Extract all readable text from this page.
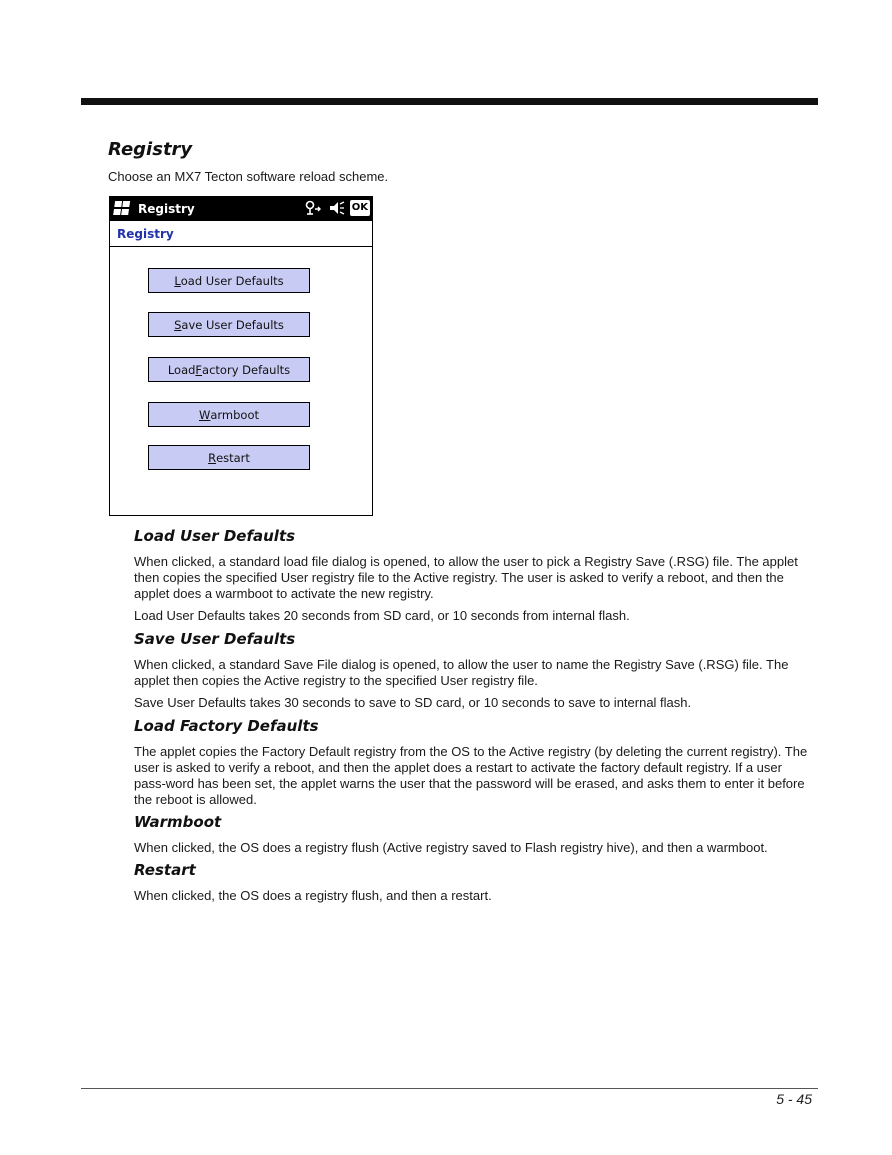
Registry
Choose an MX7 Tecton software reload scheme.
Registry	OK
Registry
L oad User Defaults
S ave User Defaults
Load F actory Defaults
W armboot
R estart
Load User Defaults

When clicked, a standard load file dialog is opened, to allow the user to pick a Registry Save (.RSG) file. The applet then copies the specified User registry file to the Active registry. The user is asked to verify a reboot, and then the applet does a warmboot to activate the new registry.

Load User Defaults takes 20 seconds from SD card, or 10 seconds from internal flash.

Save User Defaults

When clicked, a standard Save File dialog is opened, to allow the user to name the Registry Save (.RSG) file. The applet then copies the Active registry to the specified User registry file.

Save User Defaults takes 30 seconds to save to SD card, or 10 seconds to save to internal flash.

Load Factory Defaults

The applet copies the Factory Default registry from the OS to the Active registry (by deleting the current registry). The user is asked to verify a reboot, and then the applet does a restart to activate the factory default registry. If a user pass-word has been set, the applet warns the user that the password will be erased, and asks them to enter it before the reboot is allowed.

Warmboot

When clicked, the OS does a registry flush (Active registry saved to Flash registry hive), and then a warmboot.

Restart

When clicked, the OS does a registry flush, and then a restart.

5 - 45
